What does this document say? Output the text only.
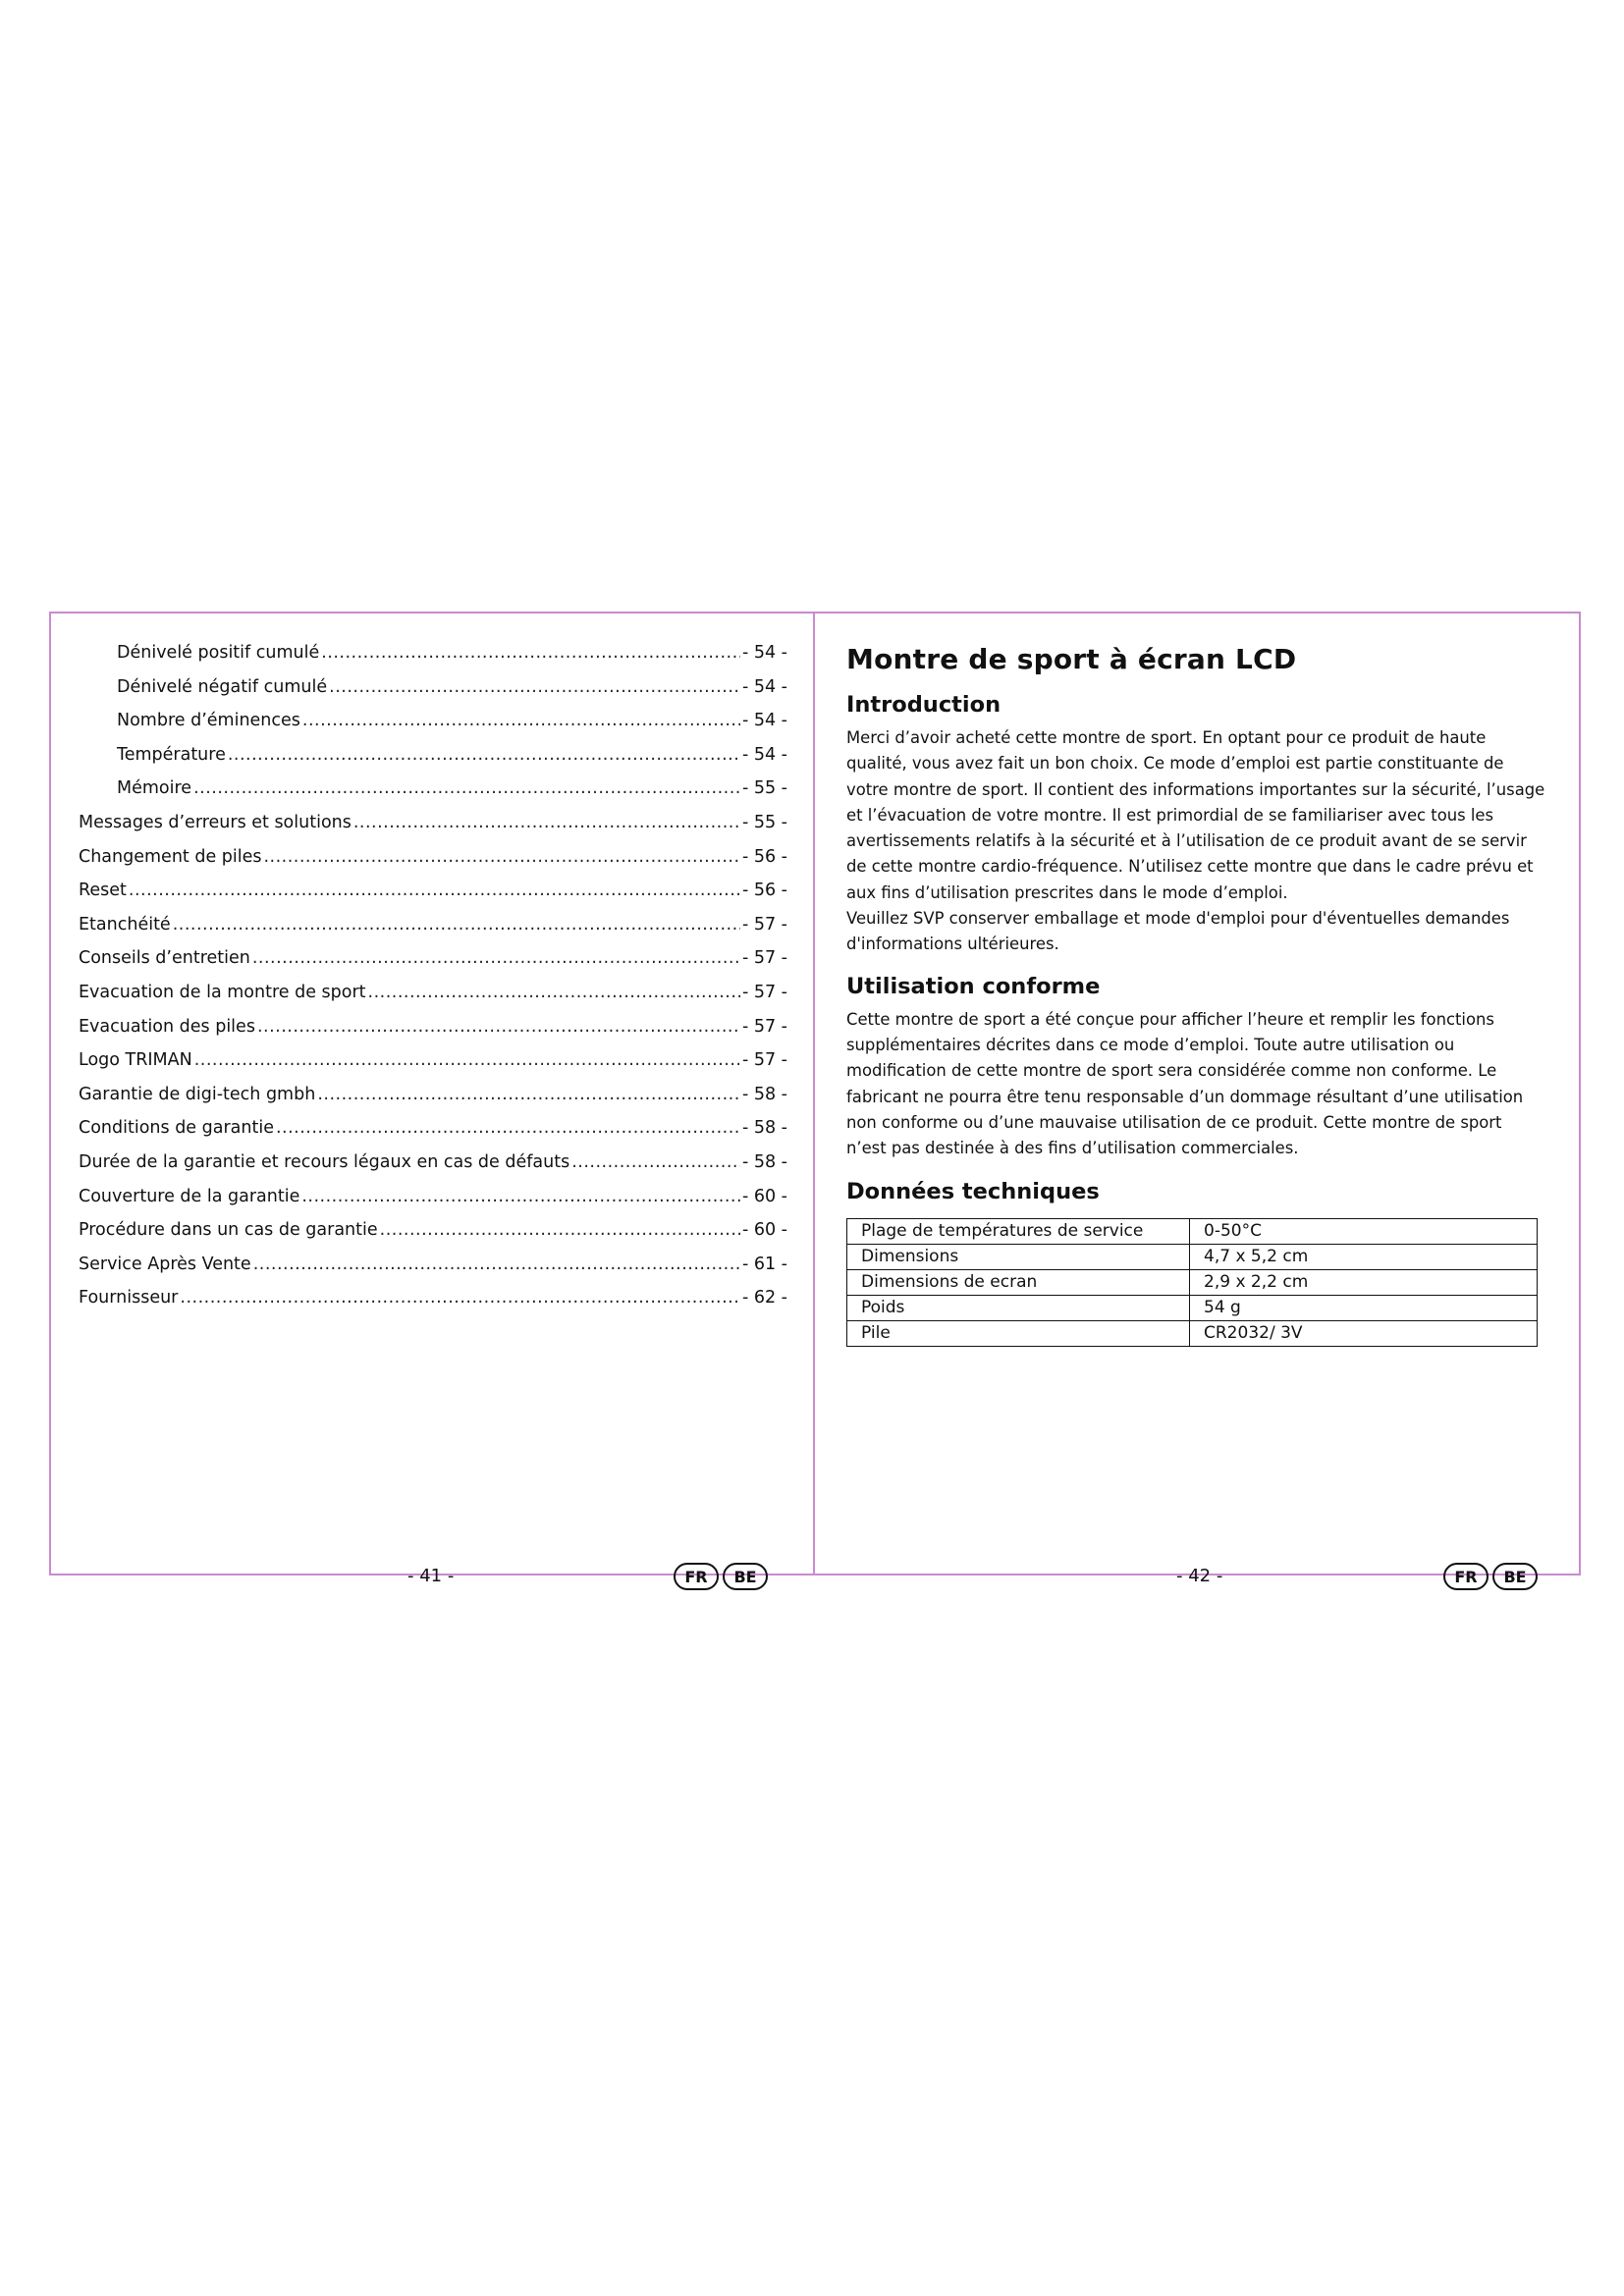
Dénivelé positif cumulé .....	- 54 -
Dénivelé négatif cumulé .....	- 54 -
Nombre d’éminences .....	- 54 -
Température .....	- 54 -
Mémoire .....	- 55 -
Messages d’erreurs et solutions .....	- 55 -
Changement de piles .....	- 56 -
Reset .....	- 56 -
Etanchéité .....	- 57 -
Conseils d’entretien .....	- 57 -
Evacuation de la montre de sport .....	- 57 -
Evacuation des piles .....	- 57 -
Logo TRIMAN .....	- 57 -
Garantie de digi-tech gmbh .....	- 58 -
Conditions de garantie .....	- 58 -
Durée de la garantie et recours légaux en cas de défauts .....	- 58 -
Couverture de la garantie .....	- 60 -
Procédure dans un cas de garantie .....	- 60 -
Service Après Vente .....	- 61 -
Fournisseur .....	- 62 -
- 41 -	FR	BE
Montre de sport à écran LCD
Introduction

Merci d’avoir acheté cette montre de sport. En optant pour ce produit de haute
qualité, vous avez fait un bon choix. Ce mode d’emploi est partie constituante de
votre montre de sport. Il contient des informations importantes sur la sécurité, l’usage
et l’évacuation de votre montre. Il est primordial de se familiariser avec tous les
avertissements relatifs à la sécurité et à l’utilisation de ce produit avant de se servir
de cette montre cardio-fréquence. N’utilisez cette montre que dans le cadre prévu et
aux fins d’utilisation prescrites dans le mode d’emploi.
Veuillez SVP conserver emballage et mode d'emploi pour d'éventuelles demandes
d'informations ultérieures.

Utilisation conforme

Cette montre de sport a été conçue pour afficher l’heure et remplir les fonctions
supplémentaires décrites dans ce mode d’emploi. Toute autre utilisation ou
modification de cette montre de sport sera considérée comme non conforme. Le
fabricant ne pourra être tenu responsable d’un dommage résultant d’une utilisation
non conforme ou d’une mauvaise utilisation de ce produit. Cette montre de sport
n’est pas destinée à des fins d’utilisation commerciales.

Données techniques
Plage de températures de service	0-50°C
Dimensions	4,7 x 5,2 cm
Dimensions de ecran	2,9 x 2,2 cm
Poids	54 g
Pile	CR2032/ 3V
- 42 -	FR	BE
